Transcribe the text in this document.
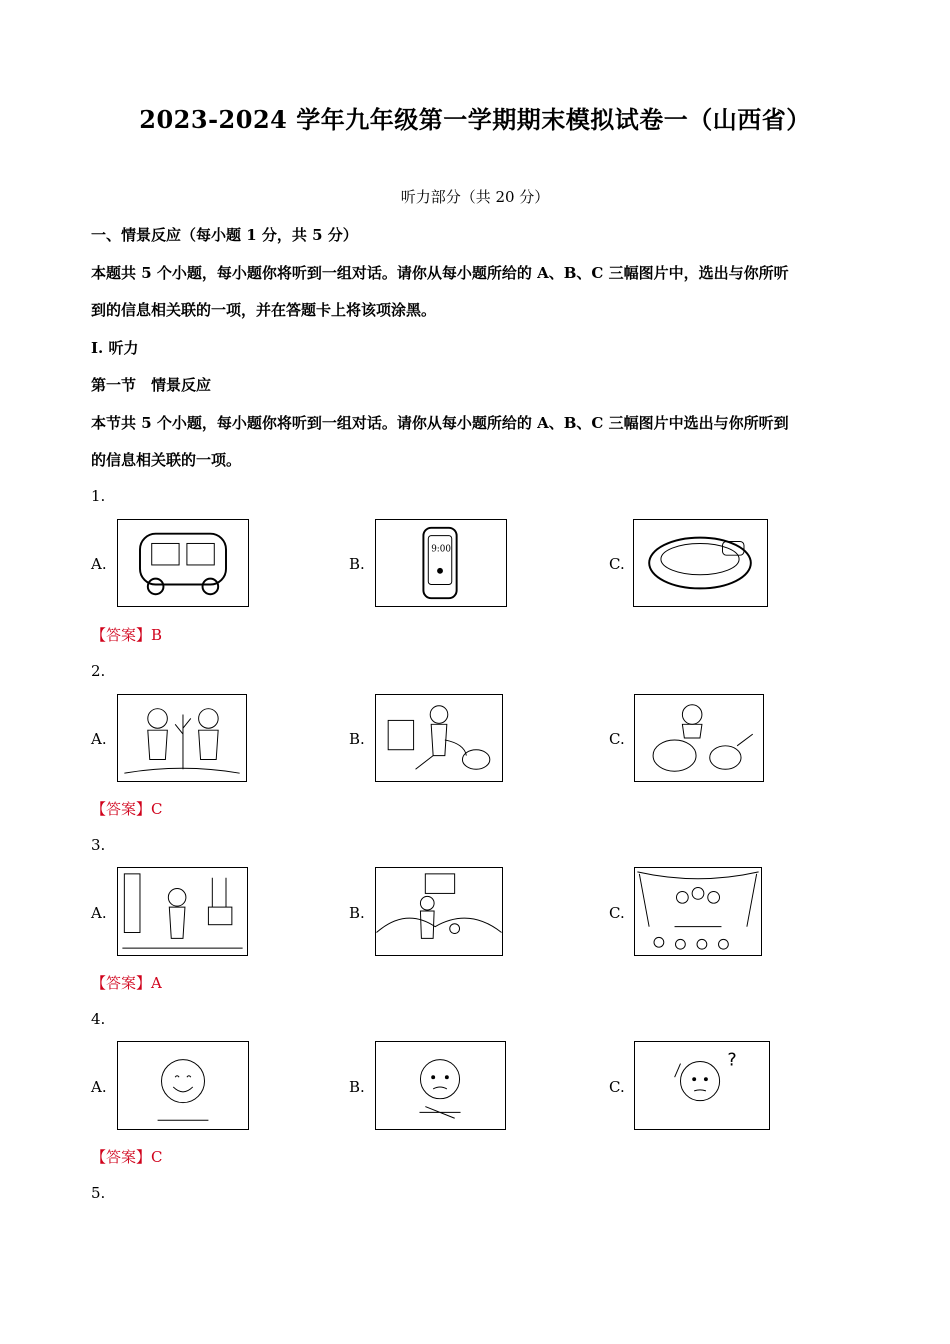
2023-2024 学年九年级第一学期期末模拟试卷一（山西省）
听力部分（共 20 分）
一、情景反应（每小题 1 分，共 5 分）
本题共 5 个小题，每小题你将听到一组对话。请你从每小题所给的 A、B、C 三幅图片中，选出与你所听
到的信息相关联的一项，并在答题卡上将该项涂黑。
Ⅰ. 听力
第一节　情景反应
本节共 5 个小题，每小题你将听到一组对话。请你从每小题所给的 A、B、C 三幅图片中选出与你所听到
的信息相关联的一项。
1.
A.	B.
9:00
C.
【答案】B
2.
A.	B.	C.
【答案】C
3.
A.	B.	C.
【答案】A
4.
A.	B.	C.
?
【答案】C
5.
